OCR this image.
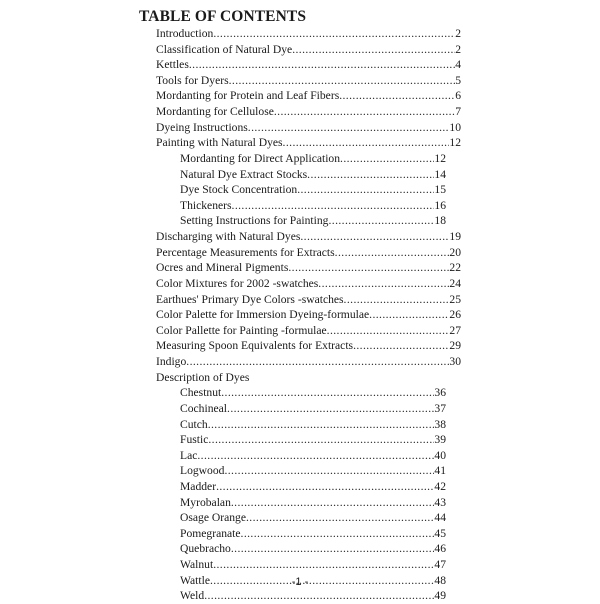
TABLE OF CONTENTS
Introduction .....	2
Classification of Natural Dye .....	2
Kettles .....	4
Tools for Dyers .....	5
Mordanting for Protein and Leaf Fibers .....	6
Mordanting for Cellulose .....	7
Dyeing Instructions .....	10
Painting with Natural Dyes .....	12
Mordanting for Direct Application .....	12
Natural Dye Extract Stocks .....	14
Dye Stock Concentration .....	15
Thickeners .....	16
Setting Instructions for Painting .....	18
Discharging with Natural Dyes .....	19
Percentage Measurements for Extracts .....	20
Ocres and Mineral Pigments .....	22
Color Mixtures for 2002 -swatches .....	24
Earthues' Primary Dye Colors -swatches .....	25
Color Palette for Immersion Dyeing-formulae .....	26
Color Pallette for Painting -formulae .....	27
Measuring Spoon Equivalents for Extracts .....	29
Indigo .....	30
Description of Dyes
Chestnut .....	36
Cochineal .....	37
Cutch .....	38
Fustic .....	39
Lac .....	40
Logwood .....	41
Madder .....	42
Myrobalan .....	43
Osage Orange .....	44
Pomegranate .....	45
Quebracho .....	46
Walnut .....	47
Wattle .....	48
Weld .....	49
-1 -
